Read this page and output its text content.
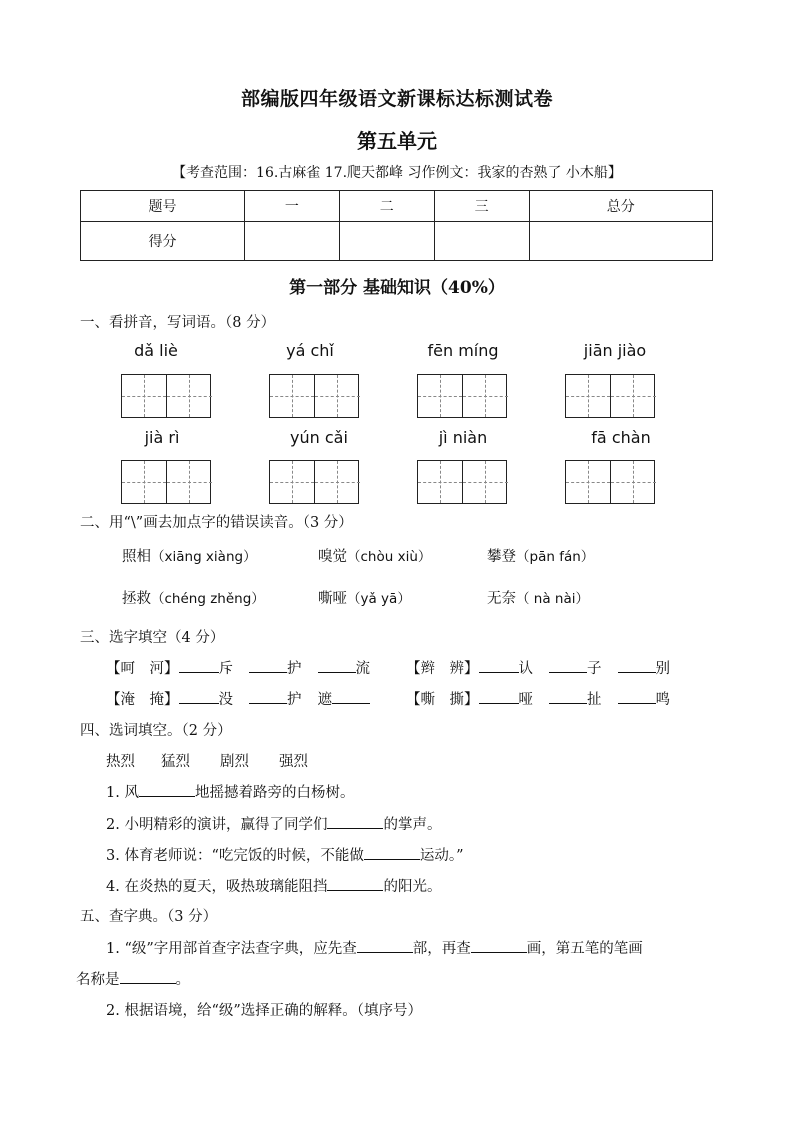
部编版四年级语文新课标达标测试卷
第五单元
【考查范围：16.古麻雀 17.爬天都峰 习作例文：我家的杏熟了 小木船】
题号	一	二	三	总分
得分				
第一部分 基础知识（40%）
一、看拼音，写词语。（8 分）
dǎ liè	yá chǐ	fēn míng	jiān jiào
jià rì	yún cǎi	jì niàn	fā chàn
二、用“\”画去加点字的错误读音。（3 分）
照相（xiāng xiàng）	嗅觉（chòu xiù）	攀登（pān fán）
拯救（chéng zhěng）	嘶哑（yǎ yā）	无奈（ nà nài）
三、选字填空（4 分）
【呵　河】	斥	护	流 【辫　辨】	认	子	别
【淹　掩】	没	护 遮	【嘶　撕】	哑	扯	鸣
四、选词填空。（2 分）
热烈 猛烈 剧烈 强烈
1. 风	地摇撼着路旁的白杨树。
2. 小明精彩的演讲，赢得了同学们	的掌声。
3. 体育老师说：“吃完饭的时候，不能做	运动。”
4. 在炎热的夏天，吸热玻璃能阻挡	的阳光。
五、查字典。（3 分）
1. “级”字用部首查字法查字典，应先查	部，再查	画，第五笔的笔画
名称是	。
2. 根据语境，给“级”选择正确的解释。（填序号）
